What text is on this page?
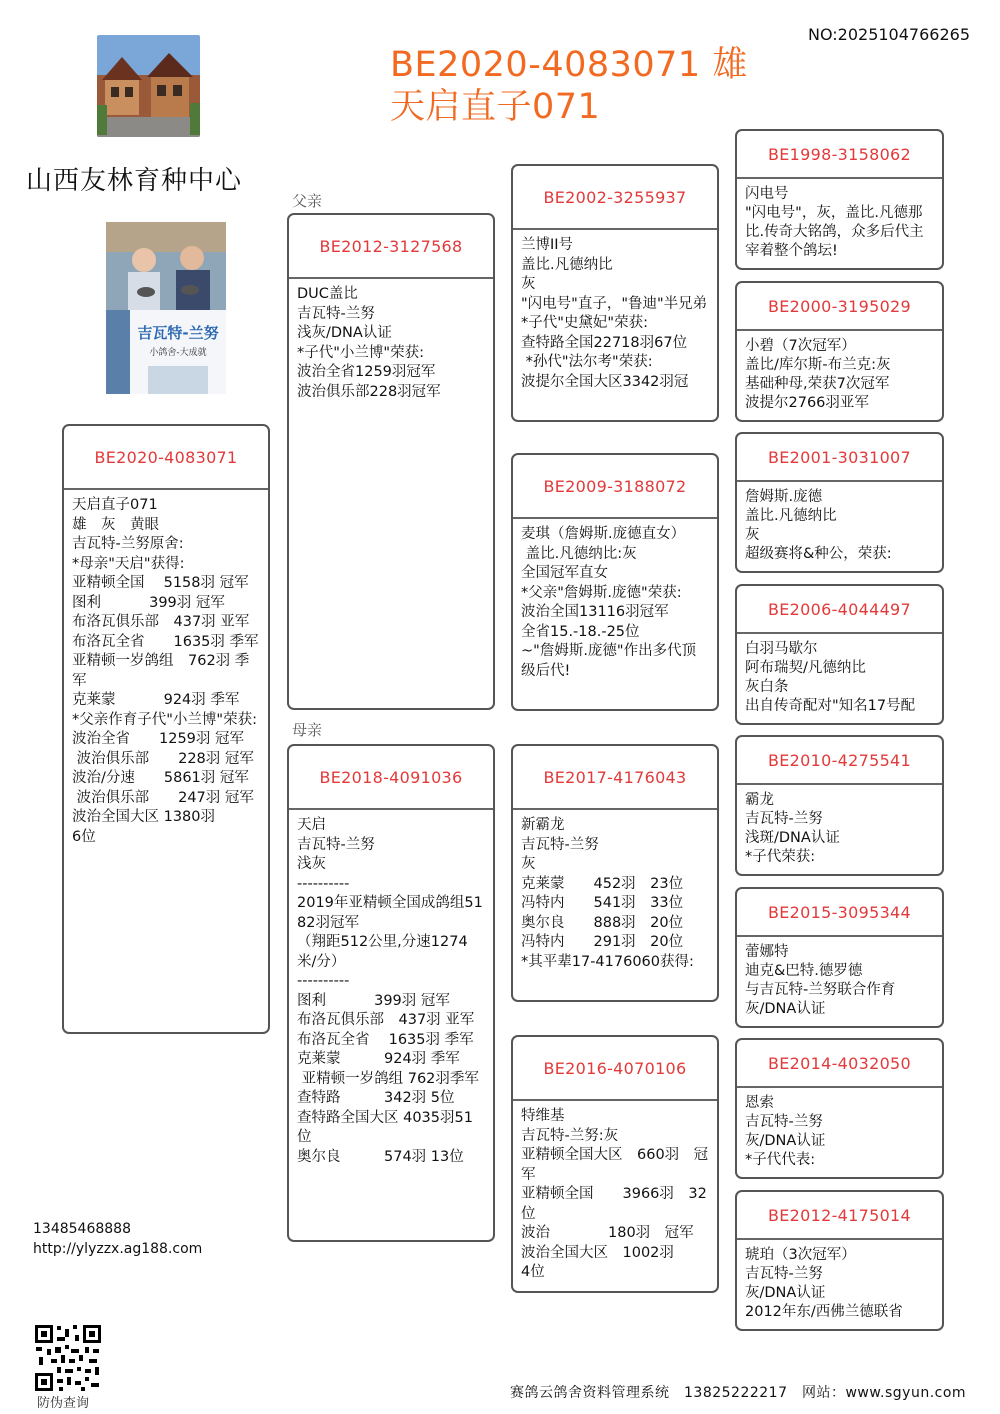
NO:2025104766265
BE2020-4083071 雄
天启直子071
山西友林育种中心
吉瓦特-兰努
小鸽舍-大成就
父亲
母亲
BE2020-4083071
天启直子071
雄　灰　黄眼
吉瓦特-兰努原舍:
*母亲"天启"获得:
亚精顿全国　 5158羽 冠军
图利　　　 399羽 冠军
布洛瓦俱乐部　437羽 亚军
布洛瓦全省　　1635羽 季军
亚精顿一岁鸽组　762羽 季军
克莱蒙　　　 924羽 季军
*父亲作育子代"小兰博"荣获:
波治全省　　1259羽 冠军
波治俱乐部　　228羽 冠军
波治/分速　　5861羽 冠军
波治俱乐部　　247羽 冠军
波治全国大区 1380羽
6位
BE2012-3127568
DUC盖比
吉瓦特-兰努
浅灰/DNA认证
*子代"小兰博"荣获:
波治全省1259羽冠军
波治俱乐部228羽冠军
BE2018-4091036
天启
吉瓦特-兰努
浅灰
----------
2019年亚精顿全国成鸽组5182羽冠军
（翔距512公里,分速1274米/分）
----------
图利　　　 399羽 冠军
布洛瓦俱乐部　437羽 亚军
布洛瓦全省　 1635羽 季军
克莱蒙　　　924羽 季军
亚精顿一岁鸽组 762羽季军
查特路　　　342羽 5位
查特路全国大区 4035羽51位
奥尔良　　　574羽 13位
BE2002-3255937
兰博II号
盖比.凡德纳比
灰
"闪电号"直子，"鲁迪"半兄弟
*子代"史黛妃"荣获:
查特路全国22718羽67位
*孙代"法尔考"荣获:
波提尔全国大区3342羽冠
BE2009-3188072
麦琪（詹姆斯.庞德直女）
盖比.凡德纳比:灰
全国冠军直女
*父亲"詹姆斯.庞德"荣获:
波治全国13116羽冠军
全省15.-18.-25位
~"詹姆斯.庞德"作出多代顶级后代!
BE2017-4176043
新霸龙
吉瓦特-兰努
灰
克莱蒙　　452羽　23位
冯特内　　541羽　33位
奥尔良　　888羽　20位
冯特内　　291羽　20位
*其平辈17-4176060获得:
BE2016-4070106
特维基
吉瓦特-兰努:灰
亚精顿全国大区　660羽　冠军
亚精顿全国　　3966羽　32位
波治　　　　180羽　冠军
波治全国大区　1002羽
4位
BE1998-3158062
闪电号
"闪电号"，灰，盖比.凡德那比.传奇大铭鸽，众多后代主宰着整个鸽坛!
BE2000-3195029
小碧（7次冠军）
盖比/库尔斯-布兰克:灰
基础种母,荣获7次冠军
波提尔2766羽亚军
BE2001-3031007
詹姆斯.庞德
盖比.凡德纳比
灰
超级赛将&种公，荣获:
BE2006-4044497
白羽马歇尔
阿布瑞契/凡德纳比
灰白条
出自传奇配对"知名17号配
BE2010-4275541
霸龙
吉瓦特-兰努
浅斑/DNA认证
*子代荣获:
BE2015-3095344
蕾娜特
迪克&巴特.德罗德
与吉瓦特-兰努联合作育
灰/DNA认证
BE2014-4032050
恩索
吉瓦特-兰努
灰/DNA认证
*子代代表:
BE2012-4175014
琥珀（3次冠军）
吉瓦特-兰努
灰/DNA认证
2012年东/西佛兰德联省
13485468888
http://ylyzzx.ag188.com
防伪查询
赛鸽云鸽舍资料管理系统　13825222217　网站：www.sgyun.com
